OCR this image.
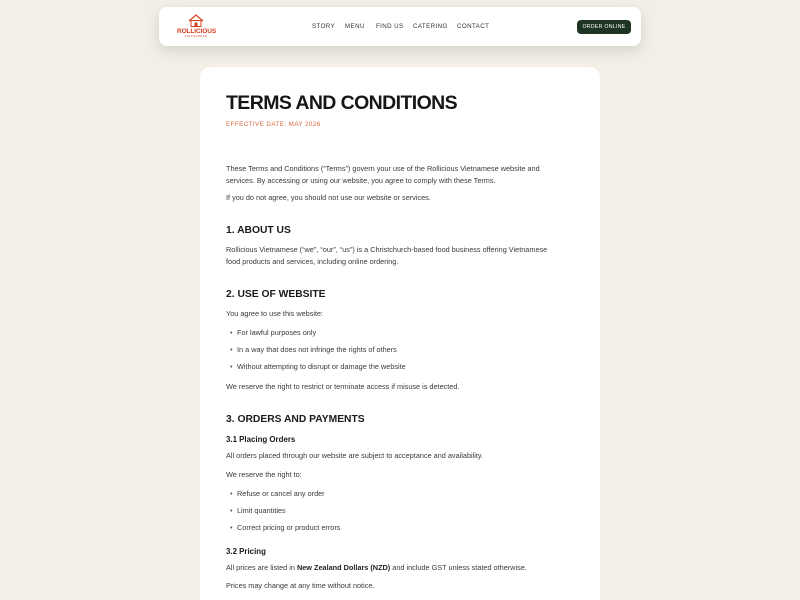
ROLLICIOUS
VIETNAMESE
STORY MENU FIND US CATERING CONTACT	ORDER ONLINE
TERMS AND CONDITIONS
EFFECTIVE DATE: MAY 2026
These Terms and Conditions (“Terms”) govern your use of the Rollicious Vietnamese website and
services. By accessing or using our website, you agree to comply with these Terms.
If you do not agree, you should not use our website or services.
1. ABOUT US
Rollicious Vietnamese (“we”, “our”, “us”) is a Christchurch-based food business offering Vietnamese
food products and services, including online ordering.
2. USE OF WEBSITE
You agree to use this website:
• For lawful purposes only
• In a way that does not infringe the rights of others
• Without attempting to disrupt or damage the website
We reserve the right to restrict or terminate access if misuse is detected.
3. ORDERS AND PAYMENTS
3.1 Placing Orders
All orders placed through our website are subject to acceptance and availability.
We reserve the right to:
• Refuse or cancel any order
• Limit quantities
• Correct pricing or product errors
3.2 Pricing
All prices are listed in New Zealand Dollars (NZD) and include GST unless stated otherwise.
Prices may change at any time without notice.
